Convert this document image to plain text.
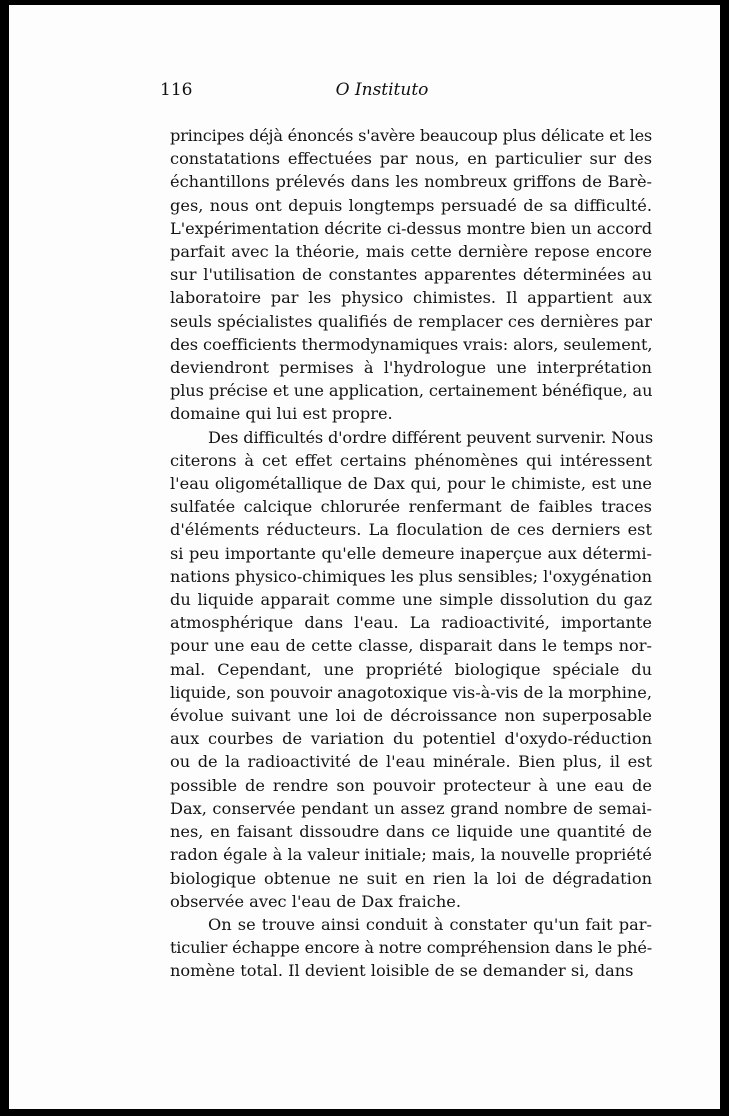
116	O Instituto

principes déjà énoncés s'avère beaucoup plus délicate et les
constatations effectuées par nous, en particulier sur des
échantillons prélevés dans les nombreux griffons de Barè-
ges, nous ont depuis longtemps persuadé de sa difficulté.
L'expérimentation décrite ci-dessus montre bien un accord
parfait avec la théorie, mais cette dernière repose encore
sur l'utilisation de constantes apparentes déterminées au
laboratoire par les physico chimistes. Il appartient aux
seuls spécialistes qualifiés de remplacer ces dernières par
des coefficients thermodynamiques vrais: alors, seulement,
deviendront permises à l'hydrologue une interprétation
plus précise et une application, certainement bénéfique, au
domaine qui lui est propre.

Des difficultés d'ordre différent peuvent survenir. Nous
citerons à cet effet certains phénomènes qui intéressent
l'eau oligométallique de Dax qui, pour le chimiste, est une
sulfatée calcique chlorurée renfermant de faibles traces
d'éléments réducteurs. La floculation de ces derniers est
si peu importante qu'elle demeure inaperçue aux détermi-
nations physico-chimiques les plus sensibles; l'oxygénation
du liquide apparait comme une simple dissolution du gaz
atmosphérique dans l'eau. La radioactivité, importante
pour une eau de cette classe, disparait dans le temps nor-
mal. Cependant, une propriété biologique spéciale du
liquide, son pouvoir anagotoxique vis-à-vis de la morphine,
évolue suivant une loi de décroissance non superposable
aux courbes de variation du potentiel d'oxydo-réduction
ou de la radioactivité de l'eau minérale. Bien plus, il est
possible de rendre son pouvoir protecteur à une eau de
Dax, conservée pendant un assez grand nombre de semai-
nes, en faisant dissoudre dans ce liquide une quantité de
radon égale à la valeur initiale; mais, la nouvelle propriété
biologique obtenue ne suit en rien la loi de dégradation
observée avec l'eau de Dax fraiche.

On se trouve ainsi conduit à constater qu'un fait par-
ticulier échappe encore à notre compréhension dans le phé-
nomène total. Il devient loisible de se demander si, dans
